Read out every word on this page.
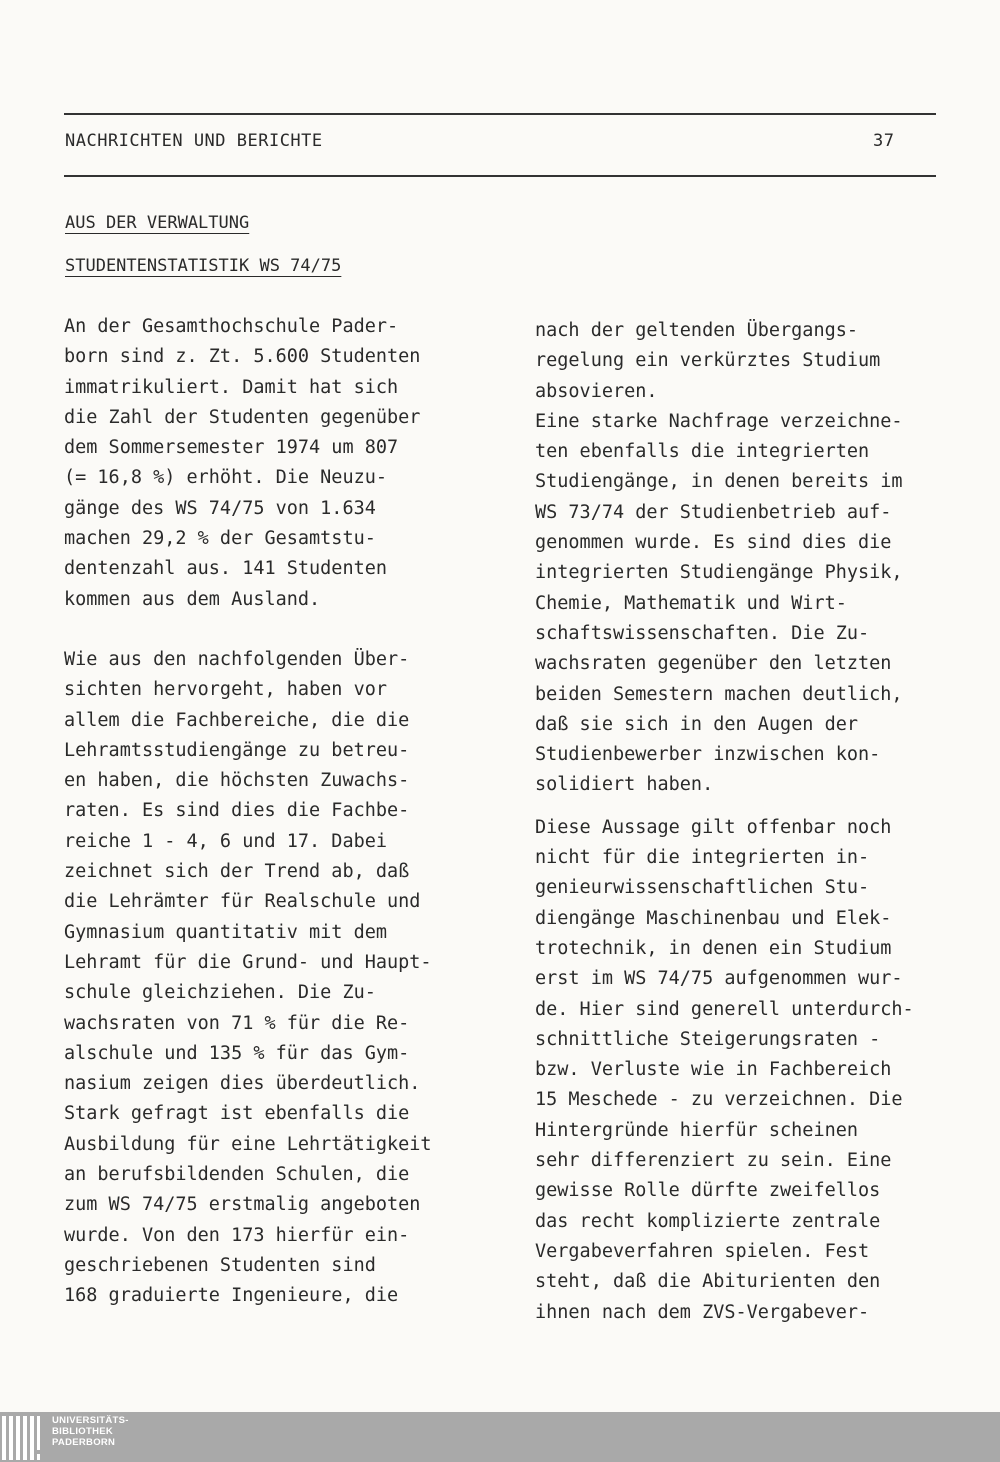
NACHRICHTEN UND BERICHTE	37
AUS DER VERWALTUNG
STUDENTENSTATISTIK WS 74/75

An der Gesamthochschule Pader-
born sind z. Zt. 5.600 Studenten
immatrikuliert. Damit hat sich
die Zahl der Studenten gegenüber
dem Sommersemester 1974 um 807
(= 16,8 %) erhöht. Die Neuzu-
gänge des WS 74/75 von 1.634
machen 29,2 % der Gesamtstu-
dentenzahl aus. 141 Studenten
kommen aus dem Ausland.

Wie aus den nachfolgenden Über-
sichten hervorgeht, haben vor
allem die Fachbereiche, die die
Lehramtsstudiengänge zu betreu-
en haben, die höchsten Zuwachs-
raten. Es sind dies die Fachbe-
reiche 1 - 4, 6 und 17. Dabei
zeichnet sich der Trend ab, daß
die Lehrämter für Realschule und
Gymnasium quantitativ mit dem
Lehramt für die Grund- und Haupt-
schule gleichziehen. Die Zu-
wachsraten von 71 % für die Re-
alschule und 135 % für das Gym-
nasium zeigen dies überdeutlich.
Stark gefragt ist ebenfalls die
Ausbildung für eine Lehrtätigkeit
an berufsbildenden Schulen, die
zum WS 74/75 erstmalig angeboten
wurde. Von den 173 hierfür ein-
geschriebenen Studenten sind
168 graduierte Ingenieure, die

nach der geltenden Übergangs-
regelung ein verkürztes Studium
absovieren.
Eine starke Nachfrage verzeichne-
ten ebenfalls die integrierten
Studiengänge, in denen bereits im
WS 73/74 der Studienbetrieb auf-
genommen wurde. Es sind dies die
integrierten Studiengänge Physik,
Chemie, Mathematik und Wirt-
schaftswissenschaften. Die Zu-
wachsraten gegenüber den letzten
beiden Semestern machen deutlich,
daß sie sich in den Augen der
Studienbewerber inzwischen kon-
solidiert haben.

Diese Aussage gilt offenbar noch
nicht für die integrierten in-
genieurwissenschaftlichen Stu-
diengänge Maschinenbau und Elek-
trotechnik, in denen ein Studium
erst im WS 74/75 aufgenommen wur-
de. Hier sind generell unterdurch-
schnittliche Steigerungsraten -
bzw. Verluste wie in Fachbereich
15 Meschede - zu verzeichnen. Die
Hintergründe hierfür scheinen
sehr differenziert zu sein. Eine
gewisse Rolle dürfte zweifellos
das recht komplizierte zentrale
Vergabeverfahren spielen. Fest
steht, daß die Abiturienten den
ihnen nach dem ZVS-Vergabever-

UNIVERSITÄTS-
BIBLIOTHEK
PADERBORN
